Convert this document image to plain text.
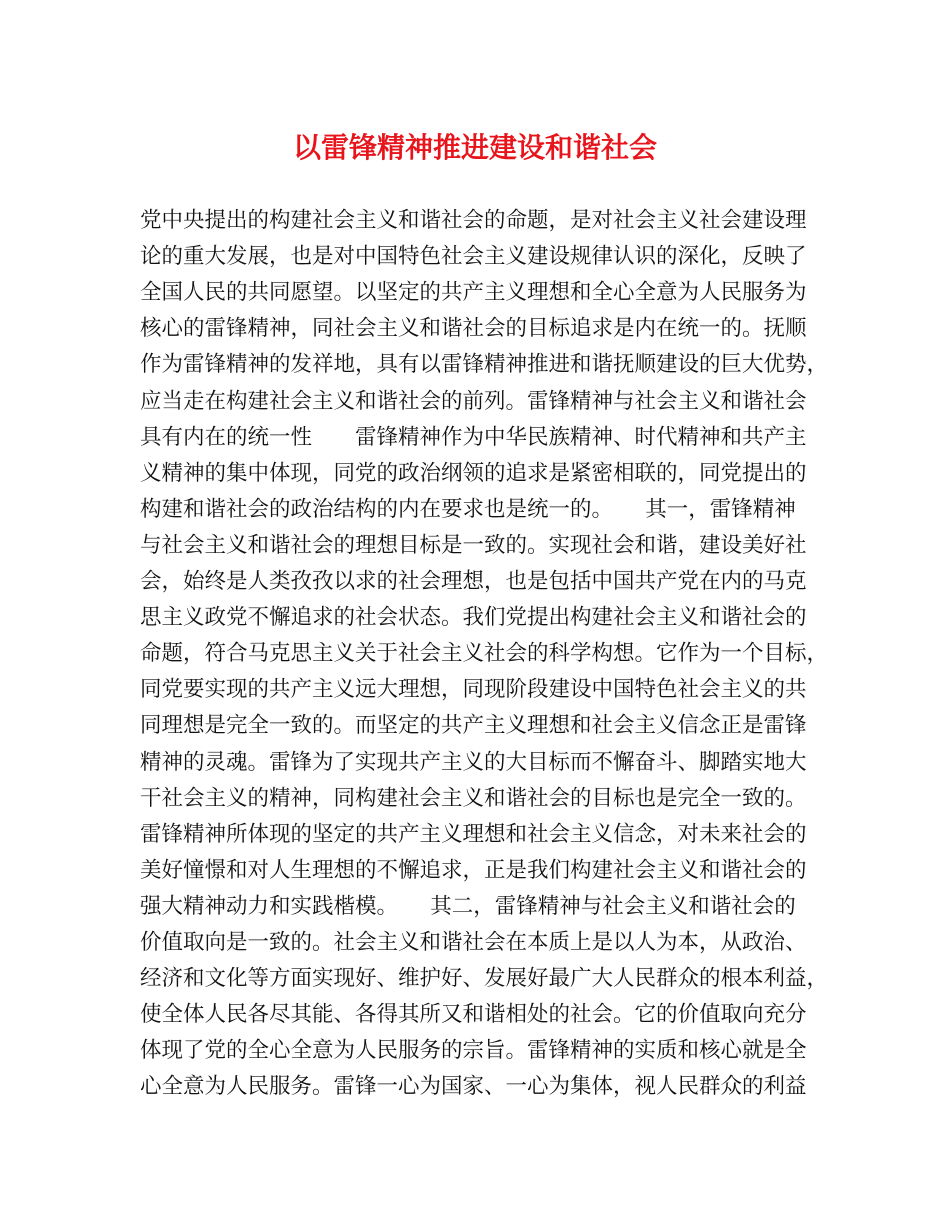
以雷锋精神推进建设和谐社会
党中央提出的构建社会主义和谐社会的命题，是对社会主义社会建设理
论的重大发展，也是对中国特色社会主义建设规律认识的深化，反映了
全国人民的共同愿望。以坚定的共产主义理想和全心全意为人民服务为
核心的雷锋精神，同社会主义和谐社会的目标追求是内在统一的。抚顺
作为雷锋精神的发祥地，具有以雷锋精神推进和谐抚顺建设的巨大优势，
应当走在构建社会主义和谐社会的前列。雷锋精神与社会主义和谐社会
具有内在的统一性　　雷锋精神作为中华民族精神、时代精神和共产主
义精神的集中体现，同党的政治纲领的追求是紧密相联的，同党提出的
构建和谐社会的政治结构的内在要求也是统一的。　　其一，雷锋精神
与社会主义和谐社会的理想目标是一致的。实现社会和谐，建设美好社
会，始终是人类孜孜以求的社会理想，也是包括中国共产党在内的马克
思主义政党不懈追求的社会状态。我们党提出构建社会主义和谐社会的
命题，符合马克思主义关于社会主义社会的科学构想。它作为一个目标，
同党要实现的共产主义远大理想，同现阶段建设中国特色社会主义的共
同理想是完全一致的。而坚定的共产主义理想和社会主义信念正是雷锋
精神的灵魂。雷锋为了实现共产主义的大目标而不懈奋斗、脚踏实地大
干社会主义的精神，同构建社会主义和谐社会的目标也是完全一致的。
雷锋精神所体现的坚定的共产主义理想和社会主义信念，对未来社会的
美好憧憬和对人生理想的不懈追求，正是我们构建社会主义和谐社会的
强大精神动力和实践楷模。　　其二，雷锋精神与社会主义和谐社会的
价值取向是一致的。社会主义和谐社会在本质上是以人为本，从政治、
经济和文化等方面实现好、维护好、发展好最广大人民群众的根本利益，
使全体人民各尽其能、各得其所又和谐相处的社会。它的价值取向充分
体现了党的全心全意为人民服务的宗旨。雷锋精神的实质和核心就是全
心全意为人民服务。雷锋一心为国家、一心为集体，视人民群众的利益
